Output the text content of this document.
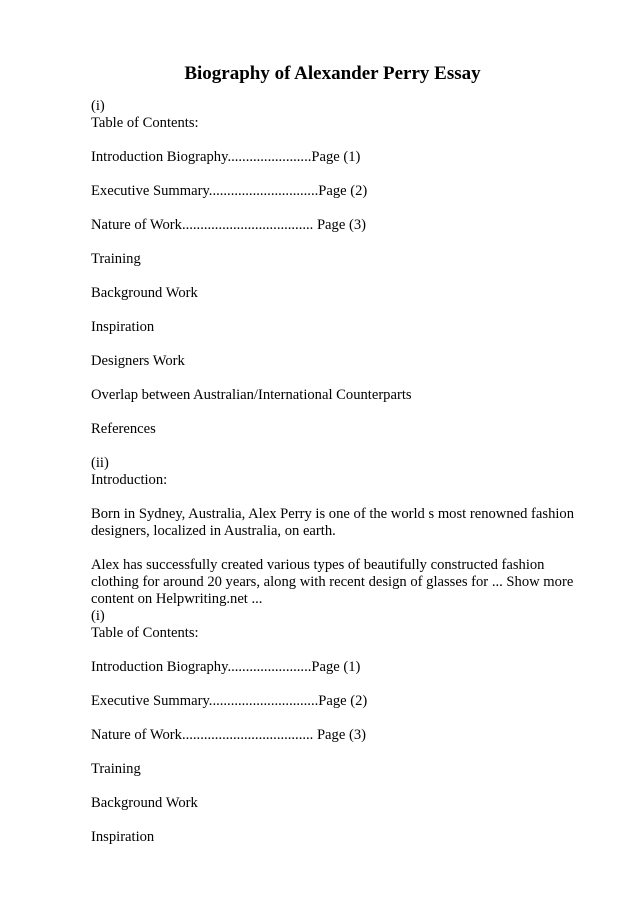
Biography of Alexander Perry Essay

(i)

Table of Contents:

Introduction Biography.......................Page (1)

Executive Summary..............................Page (2)

Nature of Work.................................... Page (3)

Training

Background Work

Inspiration

Designers Work

Overlap between Australian/International Counterparts

References

(ii)

Introduction:

Born in Sydney, Australia, Alex Perry is one of the world s most renowned fashion designers, localized in Australia, on earth.

Alex has successfully created various types of beautifully constructed fashion clothing for around 20 years, along with recent design of glasses for ... Show more content on Helpwriting.net ...

(i)

Table of Contents:

Introduction Biography.......................Page (1)

Executive Summary..............................Page (2)

Nature of Work.................................... Page (3)

Training

Background Work

Inspiration
